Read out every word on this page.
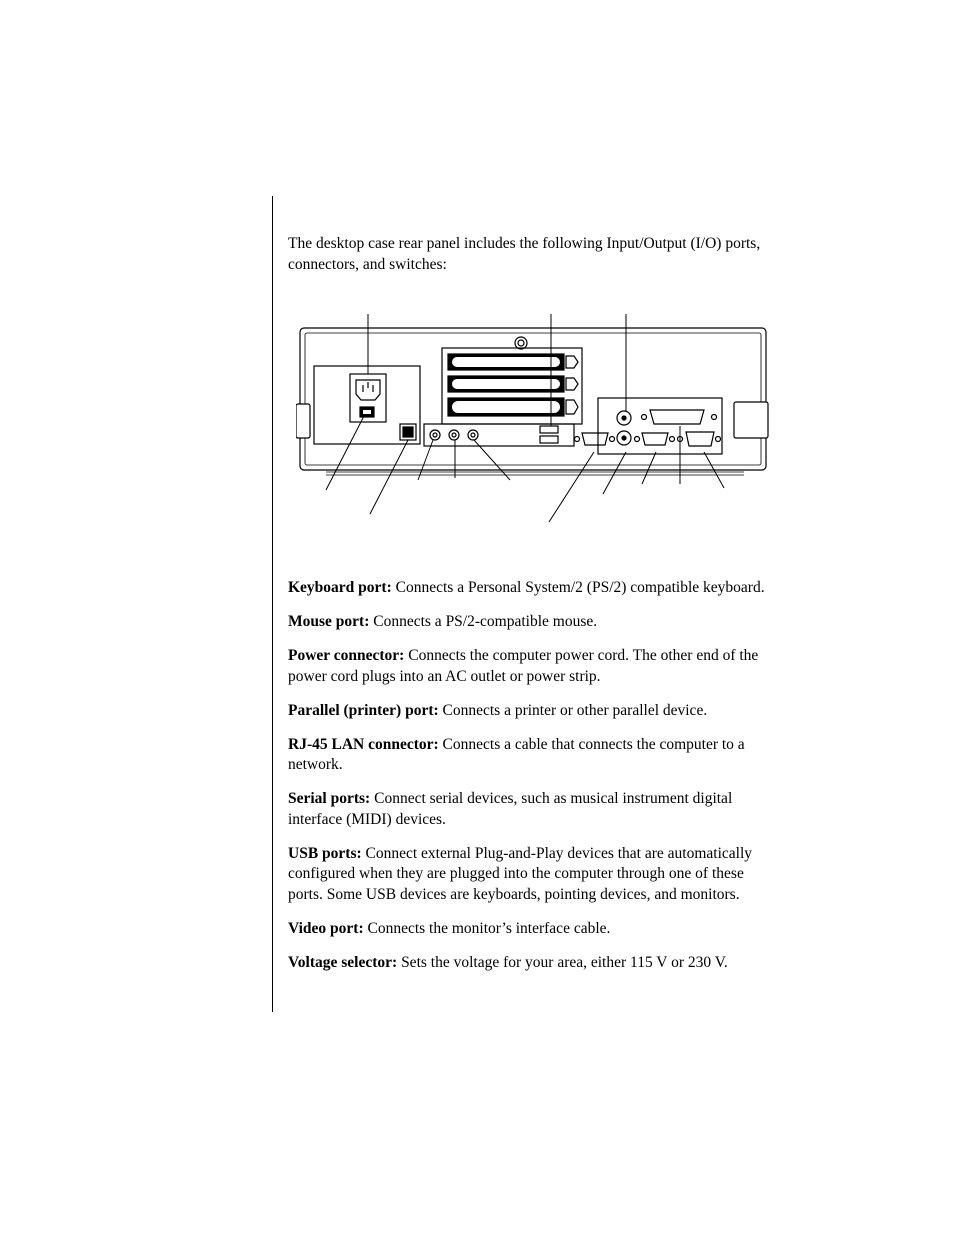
The desktop case rear panel includes the following Input/Output (I/O) ports, connectors, and switches:

Keyboard port: Connects a Personal System/2 (PS/2) compatible keyboard.

Mouse port: Connects a PS/2-compatible mouse.

Power connector: Connects the computer power cord. The other end of the power cord plugs into an AC outlet or power strip.

Parallel (printer) port: Connects a printer or other parallel device.

RJ-45 LAN connector: Connects a cable that connects the computer to a network.

Serial ports: Connect serial devices, such as musical instrument digital interface (MIDI) devices.

USB ports: Connect external Plug-and-Play devices that are automatically configured when they are plugged into the computer through one of these ports. Some USB devices are keyboards, pointing devices, and monitors.

Video port: Connects the monitor’s interface cable.

Voltage selector: Sets the voltage for your area, either 115 V or 230 V.
